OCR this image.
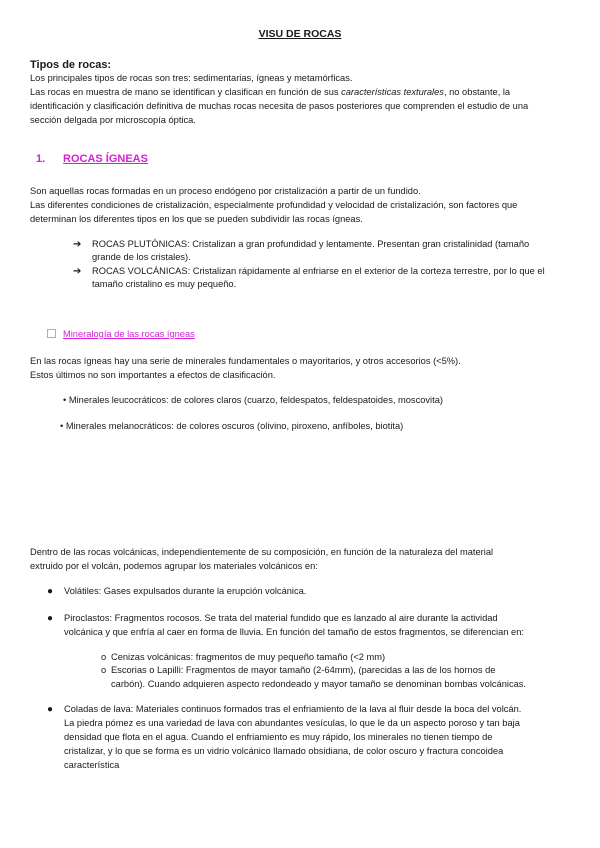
VISU DE ROCAS
Tipos de rocas:
Los principales tipos de rocas son tres: sedimentarias, ígneas y metamórficas.
Las rocas en muestra de mano se identifican y clasifican en función de sus características texturales, no obstante, la
identificación y clasificación definitiva de muchas rocas necesita de pasos posteriores que comprenden el estudio de una
sección delgada por microscopía óptica.
1. ROCAS ÍGNEAS
Son aquellas rocas formadas en un proceso endógeno por cristalización a partir de un fundido.
Las diferentes condiciones de cristalización, especialmente profundidad y velocidad de cristalización, son factores que
determinan los diferentes tipos en los que se pueden subdividir las rocas ígneas.
➔ ROCAS PLUTÓNICAS: Cristalizan a gran profundidad y lentamente. Presentan gran cristalinidad (tamaño
grande de los cristales).
➔ ROCAS VOLCÁNICAS: Cristalizan rápidamente al enfriarse en el exterior de la corteza terrestre, por lo que el
tamaño cristalino es muy pequeño.
Mineralogía de las rocas ígneas
En las rocas ígneas hay una serie de minerales fundamentales o mayoritarios, y otros accesorios (<5%).
Estos últimos no son importantes a efectos de clasificación.
• Minerales leucocráticos: de colores claros (cuarzo, feldespatos, feldespatoides, moscovita)
• Minerales melanocráticos: de colores oscuros (olivino, piroxeno, anfíboles, biotita)
Dentro de las rocas volcánicas, independientemente de su composición, en función de la naturaleza del material
extruido por el volcán, podemos agrupar los materiales volcánicos en:
● Volátiles: Gases expulsados durante la erupción volcánica.
● Piroclastos: Fragmentos rocosos. Se trata del material fundido que es lanzado al aire durante la actividad
volcánica y que enfría al caer en forma de lluvia. En función del tamaño de estos fragmentos, se diferencian en:
o Cenizas volcánicas: fragmentos de muy pequeño tamaño (<2 mm)
o Escorias o Lapilli: Fragmentos de mayor tamaño (2-64mm), (parecidas a las de los hornos de
carbón). Cuando adquieren aspecto redondeado y mayor tamaño se denominan bombas volcánicas.
● Coladas de lava: Materiales continuos formados tras el enfriamiento de la lava al fluir desde la boca del volcán.
La piedra pómez es una variedad de lava con abundantes vesículas, lo que le da un aspecto poroso y tan baja
densidad que flota en el agua. Cuando el enfriamiento es muy rápido, los minerales no tienen tiempo de
cristalizar, y lo que se forma es un vidrio volcánico llamado obsidiana, de color oscuro y fractura concoidea
característica
